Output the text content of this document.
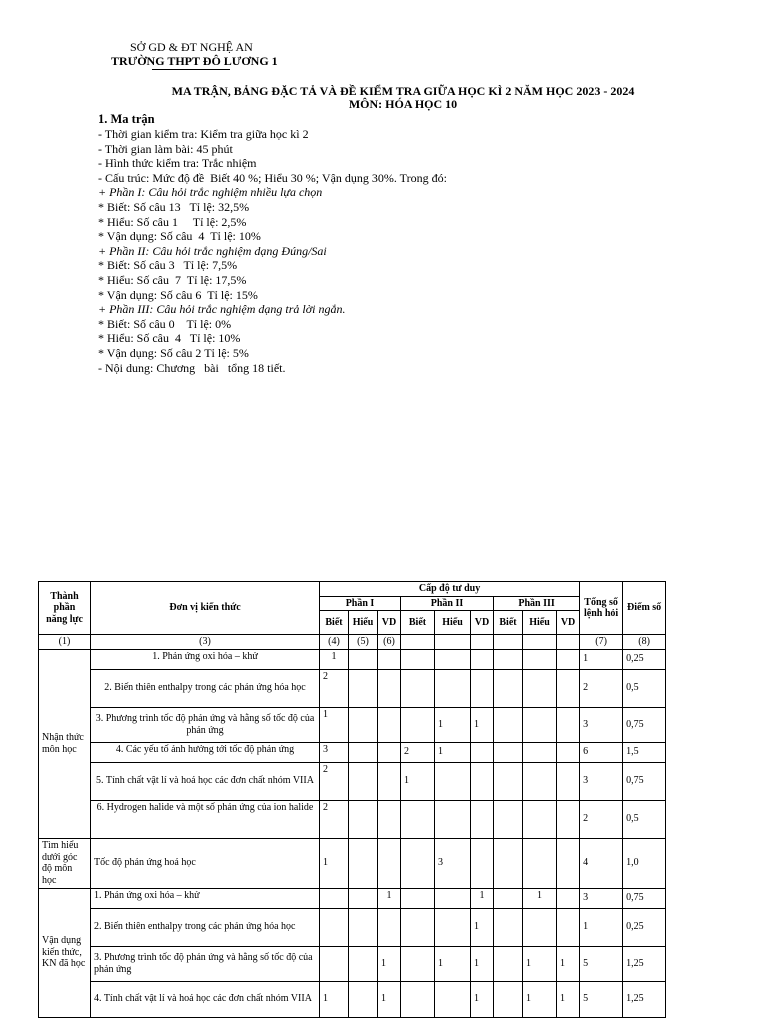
SỞ GD & ĐT NGHỆ AN
TRƯỜNG THPT ĐÔ LƯƠNG 1
MA TRẬN, BẢNG ĐẶC TẢ VÀ ĐỀ KIỂM TRA GIỮA HỌC KÌ 2 NĂM HỌC 2023 - 2024
MÔN: HÓA HỌC 10
1. Ma trận
- Thời gian kiểm tra: Kiểm tra giữa học kì 2
- Thời gian làm bài: 45 phút
- Hình thức kiểm tra: Trắc nhiệm
- Cấu trúc: Mức độ đề  Biết 40 %; Hiểu 30 %; Vận dụng 30%. Trong đó:
+ Phần I: Câu hỏi trắc nghiệm nhiều lựa chọn
* Biết: Số câu 13   Tỉ lệ: 32,5%
* Hiểu: Số câu 1     Tỉ lệ: 2,5%
* Vận dụng: Số câu  4  Tỉ lệ: 10%
+ Phần II: Câu hỏi trắc nghiệm dạng Đúng/Sai
* Biết: Số câu 3   Tỉ lệ: 7,5%
* Hiểu: Số câu  7  Tỉ lệ: 17,5%
* Vận dụng: Số câu 6  Tỉ lệ: 15%
+ Phần III: Câu hỏi trắc nghiệm dạng trả lời ngắn.
* Biết: Số câu 0    Tỉ lệ: 0%
* Hiểu: Số câu  4   Tỉ lệ: 10%
* Vận dụng: Số câu 2 Tỉ lệ: 5%
- Nội dung: Chương   bài   tổng 18 tiết.
Thành phần năng lực	Đơn vị kiến thức	Cấp độ tư duy									Tổng số lệnh hỏi	Điểm số
		Phần I			Phần II			Phần III				
		Biết	Hiểu	VD	Biết	Hiểu	VD	Biết	Hiểu	VD		
(1)	(3)	(4)	(5)	(6)							(7)	(8)
Nhận thức môn học	1. Phản ứng oxi hóa – khử	1									1	0,25
	2. Biến thiên enthalpy trong các phản ứng hóa học	2									2	0,5
	3. Phương trình tốc độ phản ứng và hằng số tốc độ của phản ứng	1				1	1				3	0,75
	4. Các yếu tố ảnh hưởng tới tốc độ phản ứng	3			2	1					6	1,5
	5. Tính chất vật lí và hoá học các đơn chất nhóm VIIA	2			1						3	0,75
	6. Hydrogen halide và một số phản ứng của ion halide	2									2	0,5
Tìm hiểu dưới góc độ môn học	Tốc độ phản ứng hoá học	1				3					4	1,0
Vận dụng kiến thức, KN đã học	1. Phản ứng oxi hóa – khử			1			1		1		3	0,75
	2. Biến thiên enthalpy trong các phản ứng hóa học						1				1	0,25
	3. Phương trình tốc độ phản ứng và hằng số tốc độ của phản ứng			1		1	1		1	1	5	1,25
	4. Tính chất vật lí và hoá học các đơn chất nhóm VIIA	1		1			1		1	1	5	1,25
